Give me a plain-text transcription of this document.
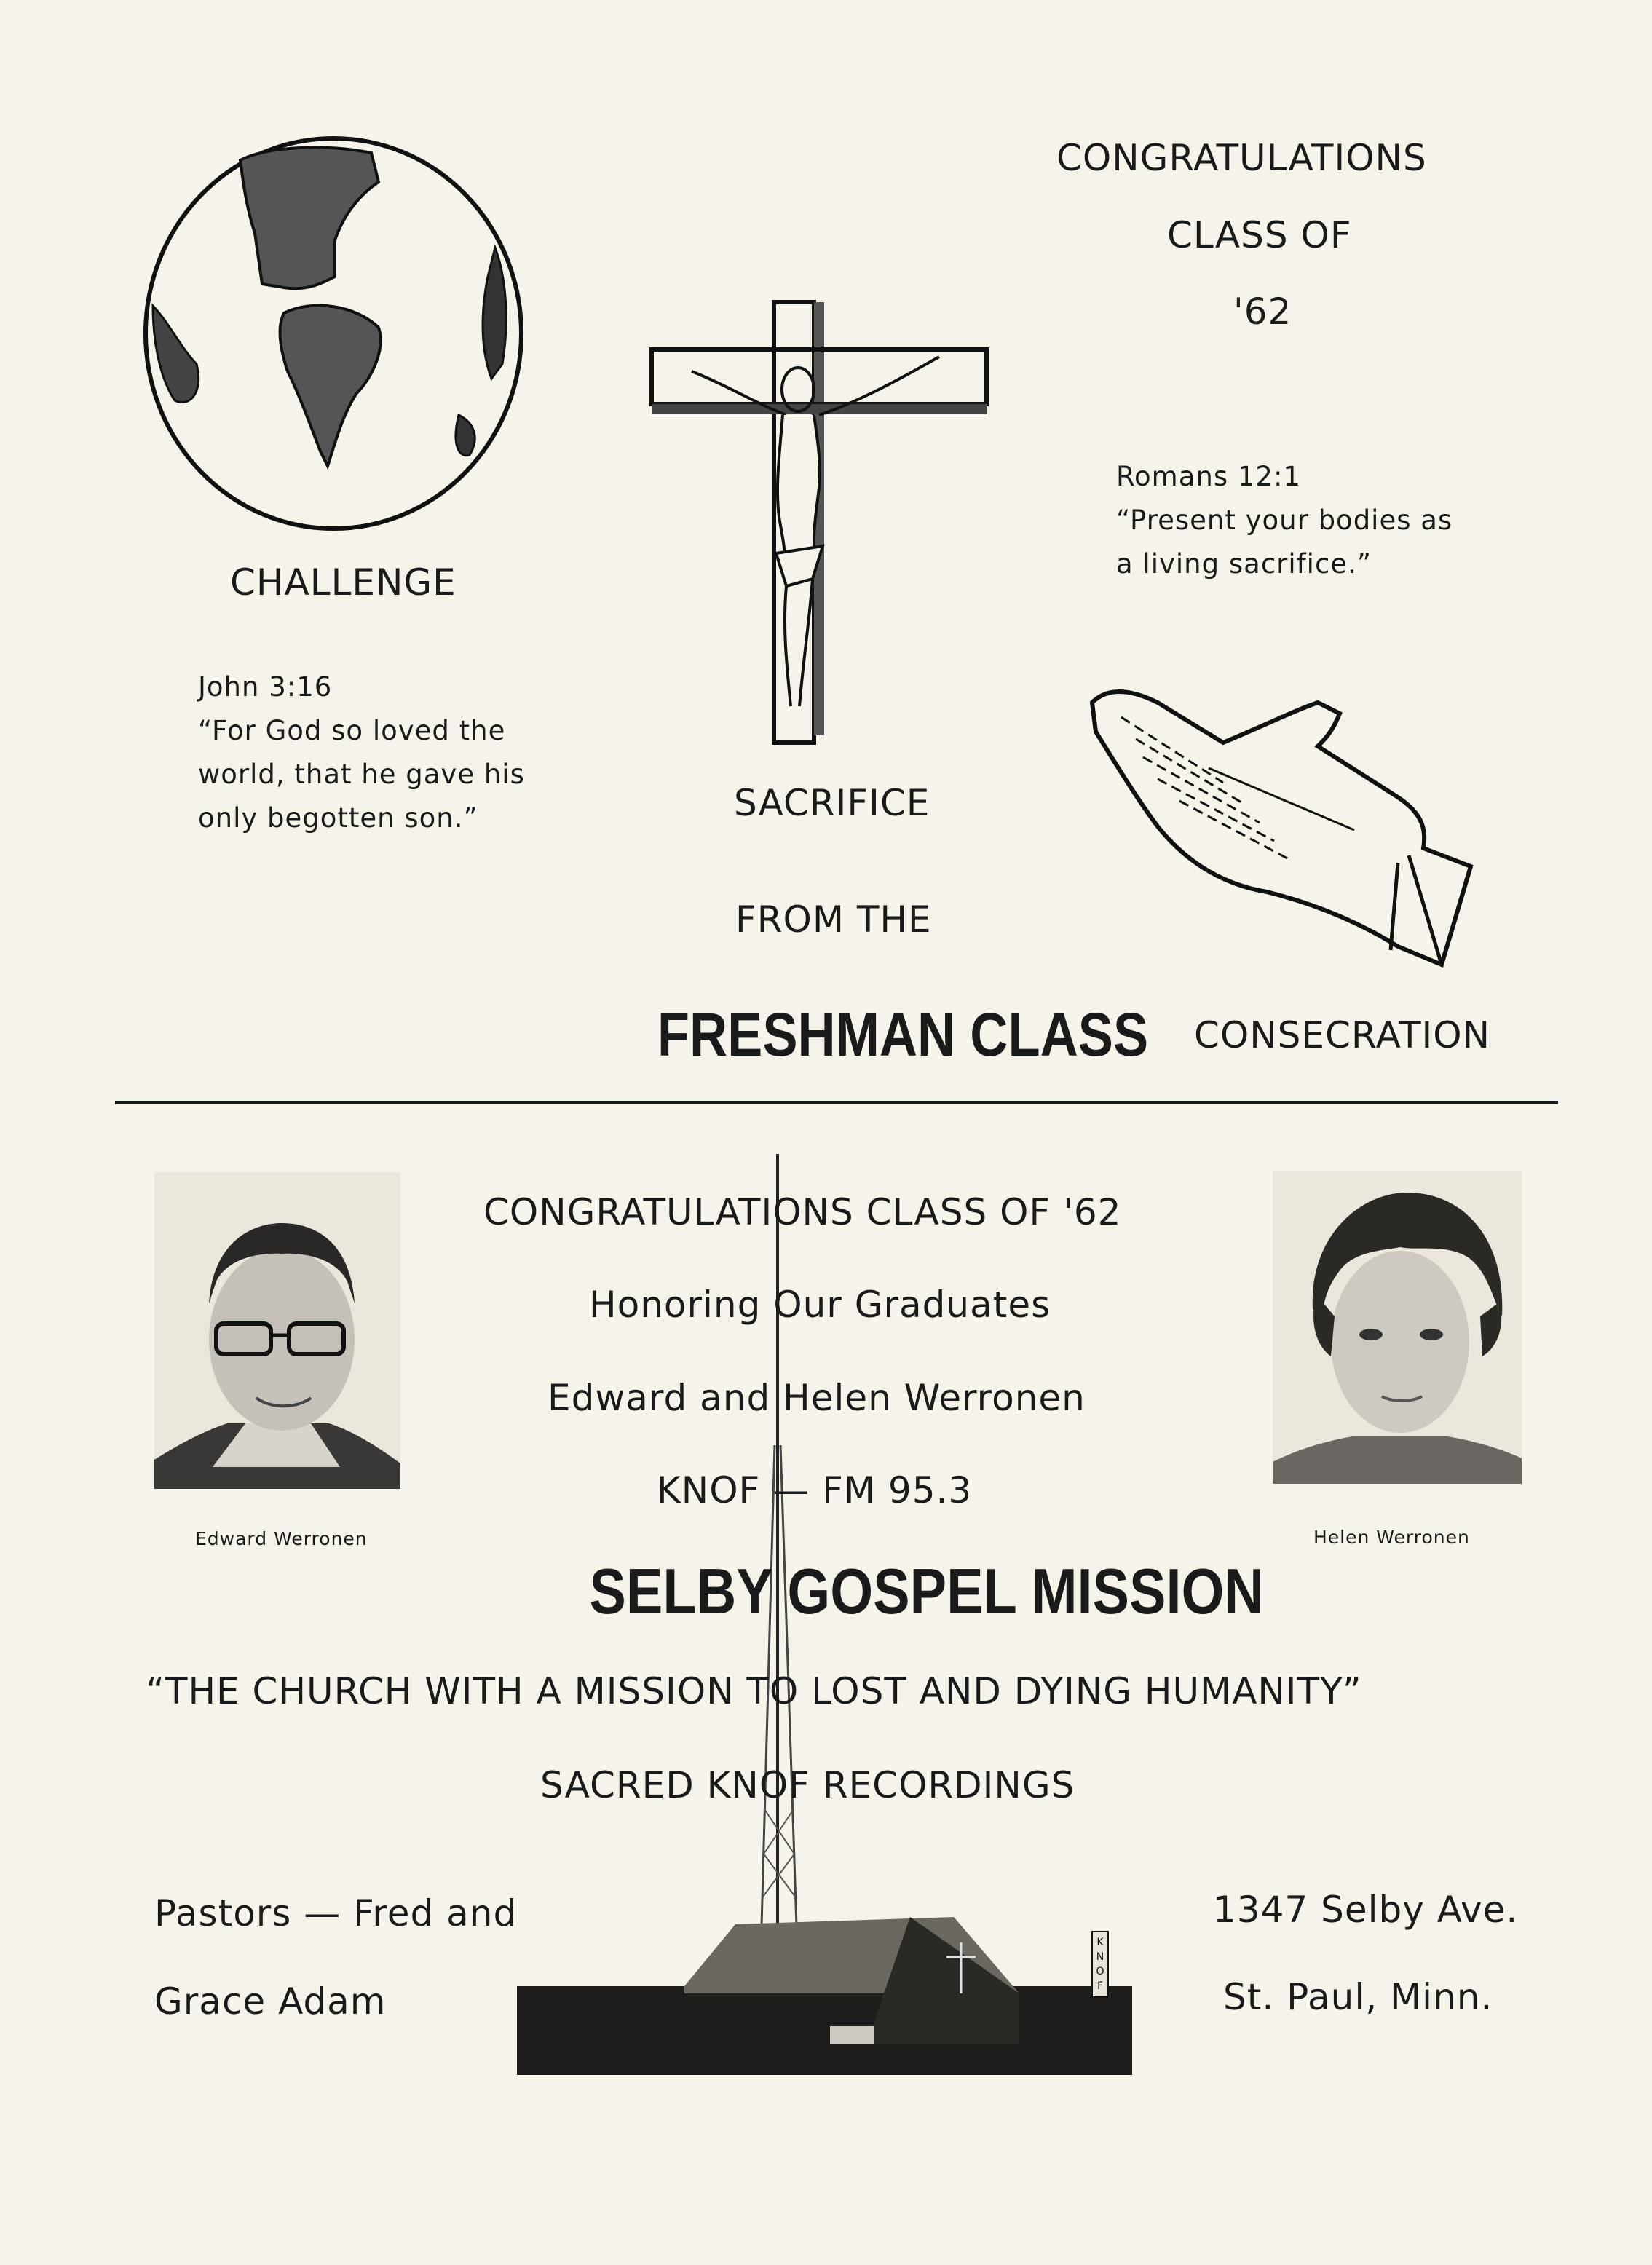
CHALLENGE
John 3:16
“For God so loved the
world, that he gave his
only begotten son.”	SACRIFICE
CONGRATULATIONS
CLASS OF
'62
Romans 12:1
“Present your bodies as
a living sacrifice.”
FROM THE
FRESHMAN CLASS CONSECRATION
Edward Werronen	Helen Werronen
CONGRATULATIONS CLASS OF '62
Honoring Our Graduates
Edward and Helen Werronen
KNOF — FM 95.3
SELBY GOSPEL MISSION
“THE CHURCH WITH A MISSION TO LOST AND DYING HUMANITY”
SACRED KNOF RECORDINGS
Pastors — Fred and
Grace Adam
1347 Selby Ave.
St. Paul, Minn.
KNOF
